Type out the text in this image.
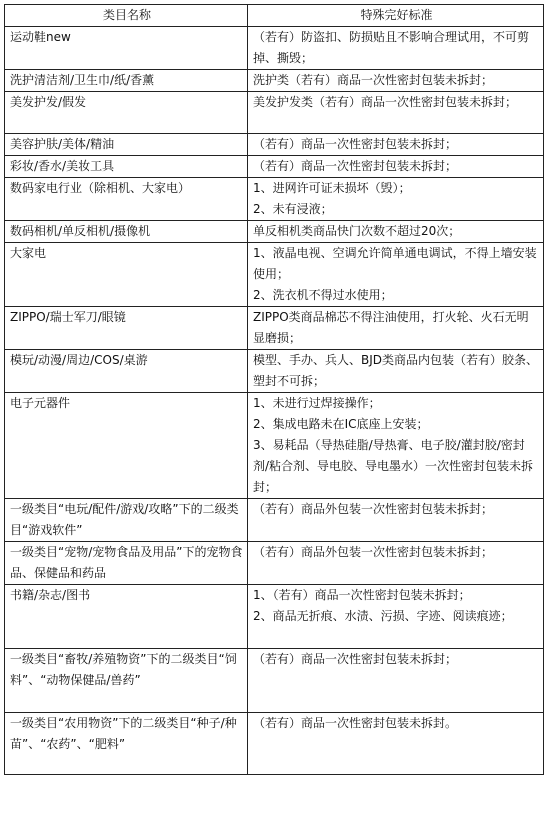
类目名称	特殊完好标准
运动鞋new	（若有）防盗扣、防损贴且不影响合理试用，不可剪掉、撕毁；

洗护清洁剂/卫生巾/纸/香薰	洗护类（若有）商品一次性密封包装未拆封；

美发护发/假发	美发护发类（若有）商品一次性密封包装未拆封；

美容护肤/美体/精油	（若有）商品一次性密封包装未拆封；

彩妆/香水/美妆工具	（若有）商品一次性密封包装未拆封；

数码家电行业（除相机、大家电）	1、进网许可证未损坏（毁）；
2、未有浸液；

数码相机/单反相机/摄像机	单反相机类商品快门次数不超过20次；

大家电	1、液晶电视、空调允许简单通电调试，不得上墙安装使用；
2、洗衣机不得过水使用；

ZIPPO/瑞士军刀/眼镜	ZIPPO类商品棉芯不得注油使用，打火轮、火石无明显磨损；

模玩/动漫/周边/COS/桌游	模型、手办、兵人、BJD类商品内包装（若有）胶条、塑封不可拆；

电子元器件	1、未进行过焊接操作；
2、集成电路未在IC底座上安装；
3、易耗品（导热硅脂/导热膏、电子胶/灌封胶/密封剂/粘合剂、导电胶、导电墨水）一次性密封包装未拆封；

一级类目“电玩/配件/游戏/攻略”下的二级类目“游戏软件”	（若有）商品外包装一次性密封包装未拆封；

一级类目“宠物/宠物食品及用品”下的宠物食品、保健品和药品	（若有）商品外包装一次性密封包装未拆封；

书籍/杂志/图书	1、（若有）商品一次性密封包装未拆封；
2、商品无折痕、水渍、污损、字迹、阅读痕迹；

一级类目“畜牧/养殖物资”下的二级类目“饲料”、“动物保健品/兽药”	（若有）商品一次性密封包装未拆封；

一级类目“农用物资”下的二级类目“种子/种苗”、“农药”、“肥料”	（若有）商品一次性密封包装未拆封。
